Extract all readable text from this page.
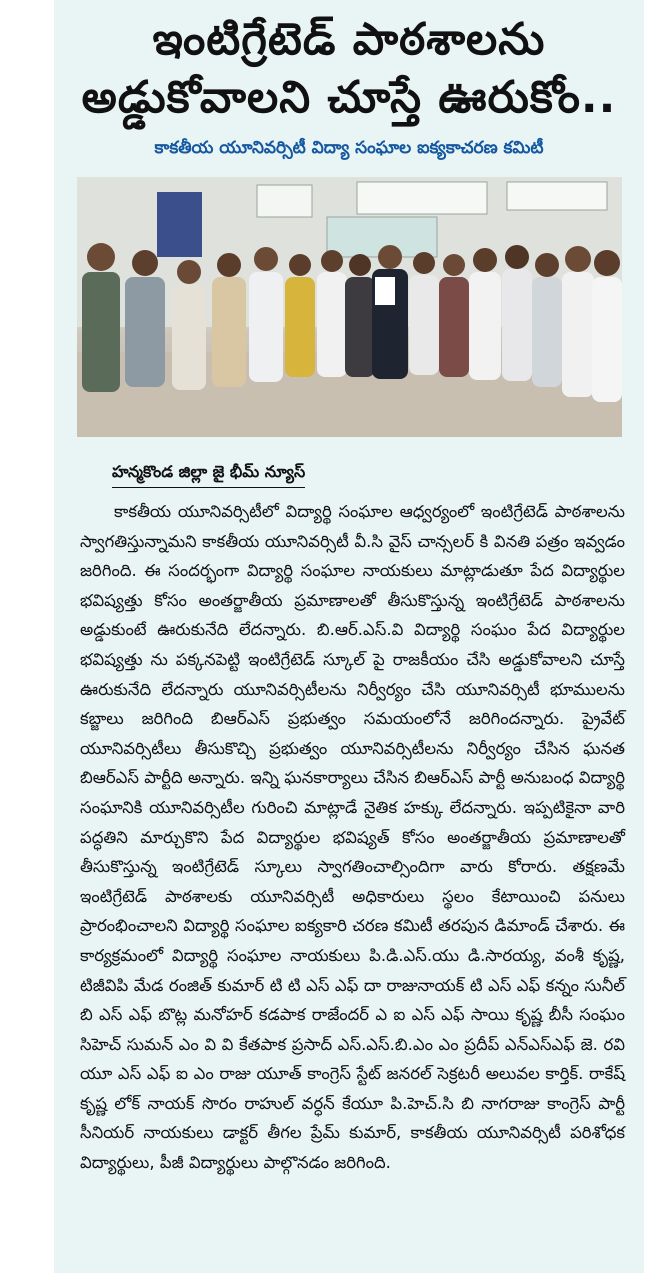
ఇంటిగ్రేటెడ్ పాఠశాలను
అడ్డుకోవాలని చూస్తే ఊరుకోం..

కాకతీయ యూనివర్సిటీ విద్యా సంఘాల ఐక్యకాచరణ కమిటీ

హన్మకొండ జిల్లా జై భీమ్ న్యూస్

కాకతీయ యూనివర్సిటీలో విద్యార్థి సంఘాల ఆధ్వర్యంలో ఇంటిగ్రేటెడ్ పాఠశాలను స్వాగతిస్తున్నామని కాకతీయ యూనివర్సిటీ వీ.సి వైస్ చాన్సలర్ కి వినతి పత్రం ఇవ్వడం జరిగింది. ఈ సందర్భంగా విద్యార్థి సంఘాల నాయకులు మాట్లాడుతూ పేద విద్యార్థుల భవిష్యత్తు కోసం అంతర్జాతీయ ప్రమాణాలతో తీసుకొస్తున్న ఇంటిగ్రేటెడ్ పాఠశాలను అడ్డుకుంటే ఊరుకునేది లేదన్నారు. బి.ఆర్.ఎస్.వి విద్యార్థి సంఘం పేద విద్యార్థుల భవిష్యత్తు ను పక్కనపెట్టి ఇంటిగ్రేటెడ్ స్కూల్ పై రాజకీయం చేసి అడ్డుకోవాలని చూస్తే ఊరుకునేది లేదన్నారు యూనివర్సిటీలను నిర్వీర్యం చేసి యూనివర్సిటీ భూములను కబ్జాలు జరిగింది బిఆర్ఎస్ ప్రభుత్వం సమయంలోనే జరిగిందన్నారు. ప్రైవేట్ యూనివర్సిటీలు తీసుకొచ్చి ప్రభుత్వం యూనివర్సిటీలను నిర్వీర్యం చేసిన ఘనత బిఆర్ఎస్ పార్టీది అన్నారు. ఇన్ని ఘనకార్యాలు చేసిన బిఆర్ఎస్ పార్టీ అనుబంధ విద్యార్థి సంఘానికి యూనివర్సిటీల గురించి మాట్లాడే నైతిక హక్కు లేదన్నారు. ఇప్పటికైనా వారి పద్ధతిని మార్చుకొని పేద విద్యార్థుల భవిష్యత్ కోసం అంతర్జాతీయ ప్రమాణాలతో తీసుకొస్తున్న ఇంటిగ్రేటెడ్ స్కూలు స్వాగతించాల్సిందిగా వారు కోరారు. తక్షణమే ఇంటిగ్రేటెడ్ పాఠశాలకు యూనివర్సిటీ అధికారులు స్థలం కేటాయించి పనులు ప్రారంభించాలని విద్యార్థి సంఘాల ఐక్యకారి చరణ కమిటీ తరపున డిమాండ్ చేశారు. ఈ కార్యక్రమంలో విద్యార్థి సంఘాల నాయకులు పి.డి.ఎస్.యు డి.సారయ్య, వంశీ కృష్ణ, టిజీవిపి మేడ రంజిత్ కుమార్ టి టి ఎస్ ఎఫ్ దా రాజునాయక్ టి ఎస్ ఎఫ్ కన్నం సునీల్ బి ఎస్ ఎఫ్ బొట్ల మనోహర్ కడపాక రాజేందర్ ఎ ఐ ఎస్ ఎఫ్ సాయి కృష్ణ బీసీ సంఘం సిహెచ్ సుమన్ ఎం వి వి కేతపాక ప్రసాద్ ఎస్.ఎస్.బి.ఎం ఎం ప్రదీప్ ఎన్ఎస్ఎఫ్ జె. రవి యూ ఎస్ ఎఫ్ ఐ ఎం రాజు యూత్ కాంగ్రెస్ స్టేట్ జనరల్ సెక్రటరీ అలువల కార్తిక్. రాకేష్ కృష్ణ లోక్ నాయక్ సొరం రాహుల్ వర్ధన్ కేయూ పి.హెచ్.సి బి నాగరాజు కాంగ్రెస్ పార్టీ సీనియర్ నాయకులు డాక్టర్ తీగల ప్రేమ్ కుమార్, కాకతీయ యూనివర్సిటీ పరిశోధక విద్యార్థులు, పీజీ విద్యార్థులు పాల్గొనడం జరిగింది.
